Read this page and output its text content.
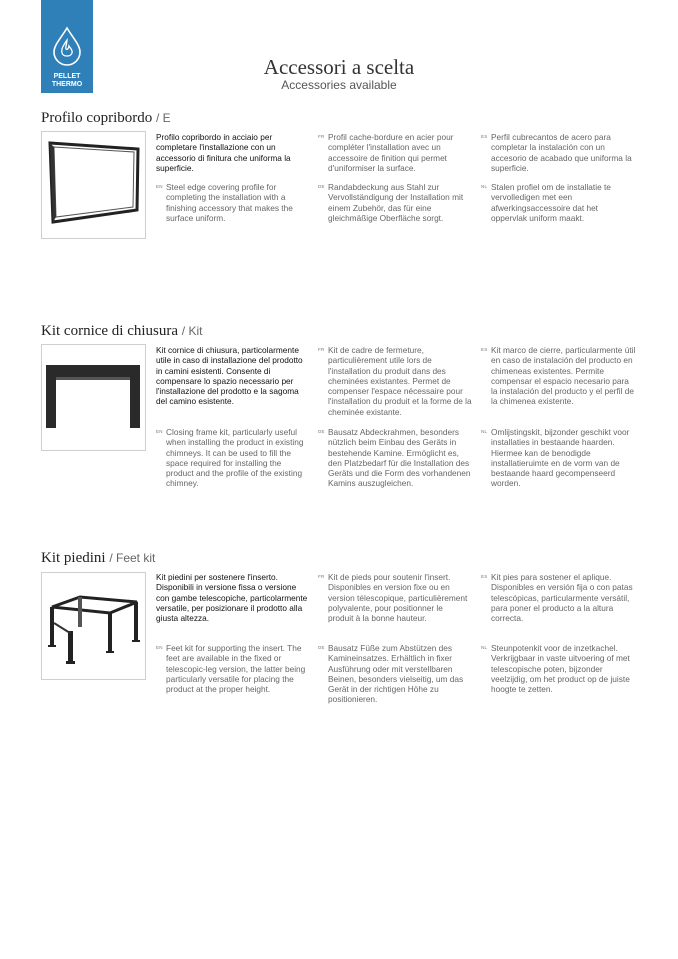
PELLET
THERMO
Accessori a scelta
Accessories available
Profilo copribordo / E
Profilo copribordo in acciaio per completare l'installazione con un accessorio di finitura che uniforma la superficie.
EN Steel edge covering profile for completing the installation with a finishing accessory that makes the surface uniform.
FR Profil cache-bordure en acier pour compléter l'installation avec un accessoire de finition qui permet d'uniformiser la surface.
DE Randabdeckung aus Stahl zur Vervollständigung der Installation mit einem Zubehör, das für eine gleichmäßige Oberfläche sorgt.
ES Perfil cubrecantos de acero para completar la instalación con un accesorio de acabado que uniforma la superficie.
NL Stalen profiel om de installatie te vervolledigen met een afwerkingsaccessoire dat het oppervlak uniform maakt.
Kit cornice di chiusura / Kit
Kit cornice di chiusura, particolarmente utile in caso di installazione del prodotto in camini esistenti. Consente di compensare lo spazio necessario per l'installazione del prodotto e la sagoma del camino esistente.
EN Closing frame kit, particularly useful when installing the product in existing chimneys. It can be used to fill the space required for installing the product and the profile of the existing chimney.
FR Kit de cadre de fermeture, particulièrement utile lors de l'installation du produit dans des cheminées existantes. Permet de compenser l'espace nécessaire pour l'installation du produit et la forme de la cheminée existante.
DE Bausatz Abdeckrahmen, besonders nützlich beim Einbau des Geräts in bestehende Kamine. Ermöglicht es, den Platzbedarf für die Installation des Geräts und die Form des vorhandenen Kamins auszugleichen.
ES Kit marco de cierre, particularmente útil en caso de instalación del producto en chimeneas existentes. Permite compensar el espacio necesario para la instalación del producto y el perfil de la chimenea existente.
NL Omlijstingskit, bijzonder geschikt voor installaties in bestaande haarden. Hiermee kan de benodigde installatieruimte en de vorm van de bestaande haard gecompenseerd worden.
Kit piedini / Feet kit
Kit piedini per sostenere l'inserto. Disponibili in versione fissa o versione con gambe telescopiche, particolarmente versatile, per posizionare il prodotto alla giusta altezza.
EN Feet kit for supporting the insert. The feet are available in the fixed or telescopic-leg version, the latter being particularly versatile for placing the product at the proper height.
FR Kit de pieds pour soutenir l'insert. Disponibles en version fixe ou en version télescopique, particulièrement polyvalente, pour positionner le produit à la bonne hauteur.
DE Bausatz Füße zum Abstützen des Kamineinsatzes. Erhältlich in fixer Ausführung oder mit verstellbaren Beinen, besonders vielseitig, um das Gerät in der richtigen Höhe zu positionieren.
ES Kit pies para sostener el aplique. Disponibles en versión fija o con patas telescópicas, particularmente versátil, para poner el producto a la altura correcta.
NL Steunpotenkit voor de inzetkachel. Verkrijgbaar in vaste uitvoering of met telescopische poten, bijzonder veelzijdig, om het product op de juiste hoogte te zetten.
